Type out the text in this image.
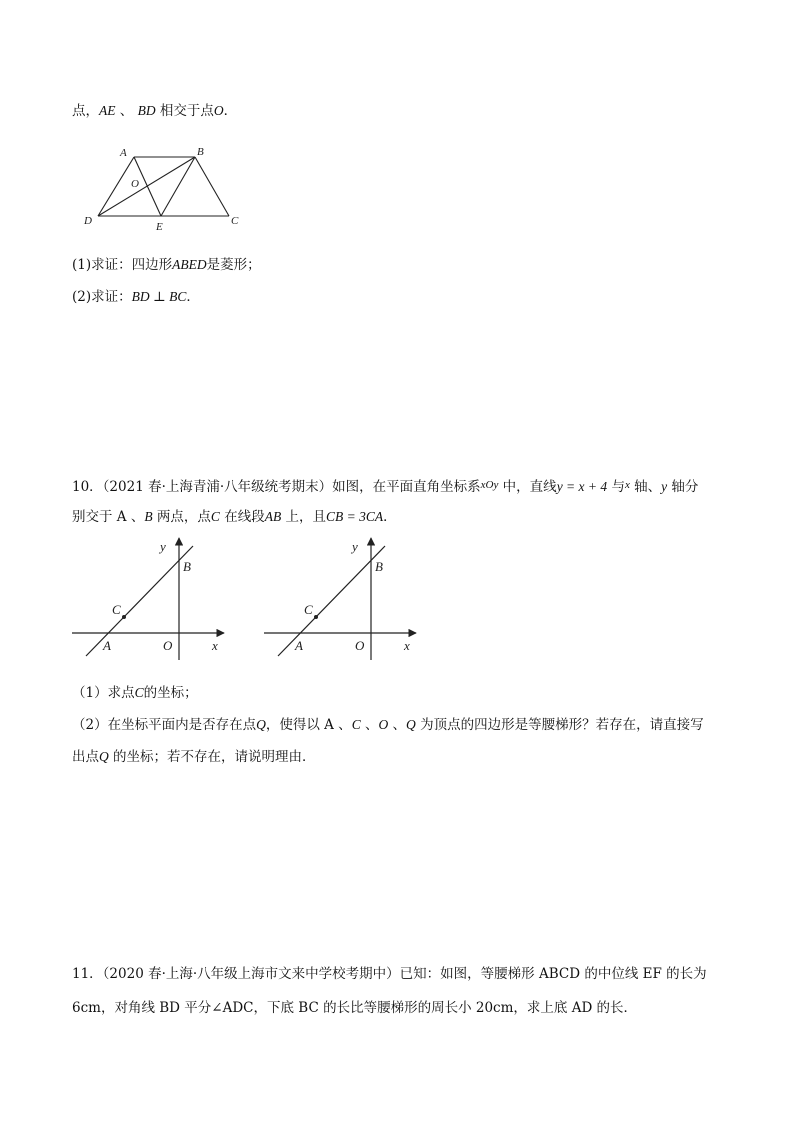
点，AE 、 BD 相交于点O．
A	B
O
D	E	C
(1)求证：四边形ABED是菱形；
(2)求证：BD ⊥ BC．
10．（2021 春·上海青浦·八年级统考期末）如图，在平面直角坐标系$^{xOy}$ 中，直线y = x + 4 与$^x$ 轴、y 轴分
别交于 A 、B 两点，点C 在线段AB 上，且CB = 3CA．
y
B
C
A	O	x
y
B
C
A	O	x
（1）求点C的坐标；
（2）在坐标平面内是否存在点Q，使得以 A 、C 、O 、Q 为顶点的四边形是等腰梯形？若存在，请直接写
出点Q 的坐标；若不存在，请说明理由．
11．（2020 春·上海·八年级上海市文来中学校考期中）已知：如图，等腰梯形 ABCD 的中位线 EF 的长为
6cm，对角线 BD 平分∠ADC，下底 BC 的长比等腰梯形的周长小 20cm，求上底 AD 的长．
